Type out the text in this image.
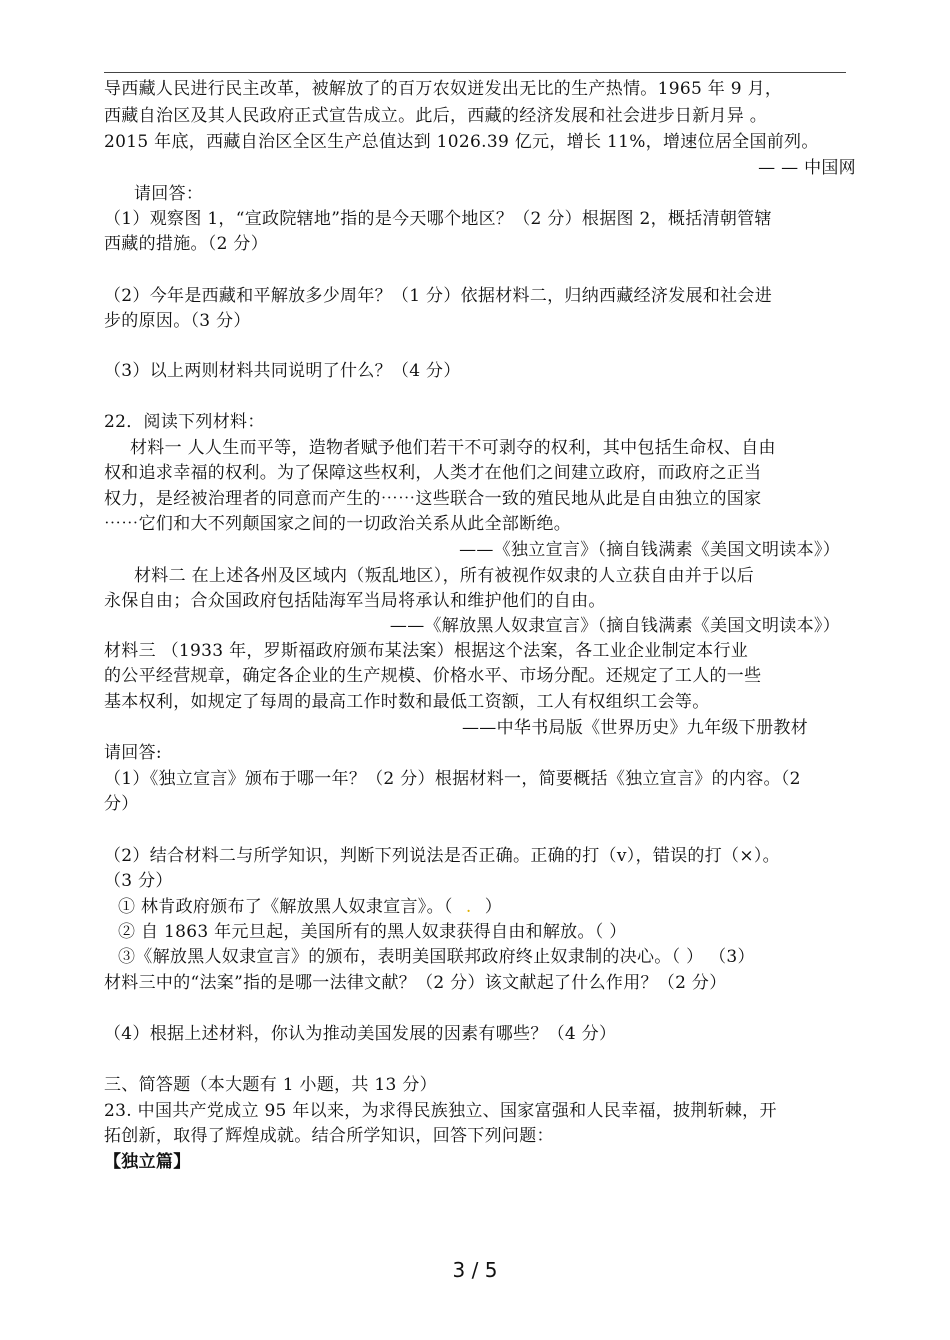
导西藏人民进行民主改革，被解放了的百万农奴迸发出无比的生产热情。1965 年 9 月，
西藏自治区及其人民政府正式宣告成立。此后，西藏的经济发展和社会进步日新月异 。
2015 年底，西藏自治区全区生产总值达到 1026.39 亿元，增长 11%，增速位居全国前列。
— — 中国网
请回答：
（1）观察图 1，“宣政院辖地”指的是今天哪个地区？（2 分）根据图 2，概括清朝管辖
西藏的措施。（2 分）
（2）今年是西藏和平解放多少周年？（1 分）依据材料二，归纳西藏经济发展和社会进
步的原因。（3 分）
（3）以上两则材料共同说明了什么？（4 分）
22．阅读下列材料：
材料一 人人生而平等，造物者赋予他们若干不可剥夺的权利，其中包括生命权、自由
权和追求幸福的权利。为了保障这些权利，人类才在他们之间建立政府，而政府之正当
权力，是经被治理者的同意而产生的⋯⋯这些联合一致的殖民地从此是自由独立的国家
⋯⋯它们和大不列颠国家之间的一切政治关系从此全部断绝。
——《独立宣言》（摘自钱满素《美国文明读本》）
材料二 在上述各州及区域内（叛乱地区），所有被视作奴隶的人立获自由并于以后
永保自由；合众国政府包括陆海军当局将承认和维护他们的自由。
——《解放黑人奴隶宣言》（摘自钱满素《美国文明读本》）
材料三 （1933 年，罗斯福政府颁布某法案）根据这个法案，各工业企业制定本行业
的公平经营规章，确定各企业的生产规模、价格水平、市场分配。还规定了工人的一些
基本权利，如规定了每周的最高工作时数和最低工资额，工人有权组织工会等。
——中华书局版《世界历史》九年级下册教材
请回答:
（1）《独立宣言》颁布于哪一年？（2 分）根据材料一，简要概括《独立宣言》的内容。（2
分）
（2）结合材料二与所学知识，判断下列说法是否正确。正确的打（v），错误的打（×）。
（3 分）
① 林肯政府颁布了《解放黑人奴隶宣言》。（ . ）
② 自 1863 年元旦起，美国所有的黑人奴隶获得自由和解放。（ ）
③《解放黑人奴隶宣言》的颁布，表明美国联邦政府终止奴隶制的决心。（ ） （3）
材料三中的“法案”指的是哪一法律文献？（2 分）该文献起了什么作用？（2 分）
（4）根据上述材料，你认为推动美国发展的因素有哪些？（4 分）
三、简答题（本大题有 1 小题，共 13 分）
23. 中国共产党成立 95 年以来，为求得民族独立、国家富强和人民幸福，披荆斩棘，开
拓创新，取得了辉煌成就。结合所学知识，回答下列问题：
【独立篇】
3 / 5
